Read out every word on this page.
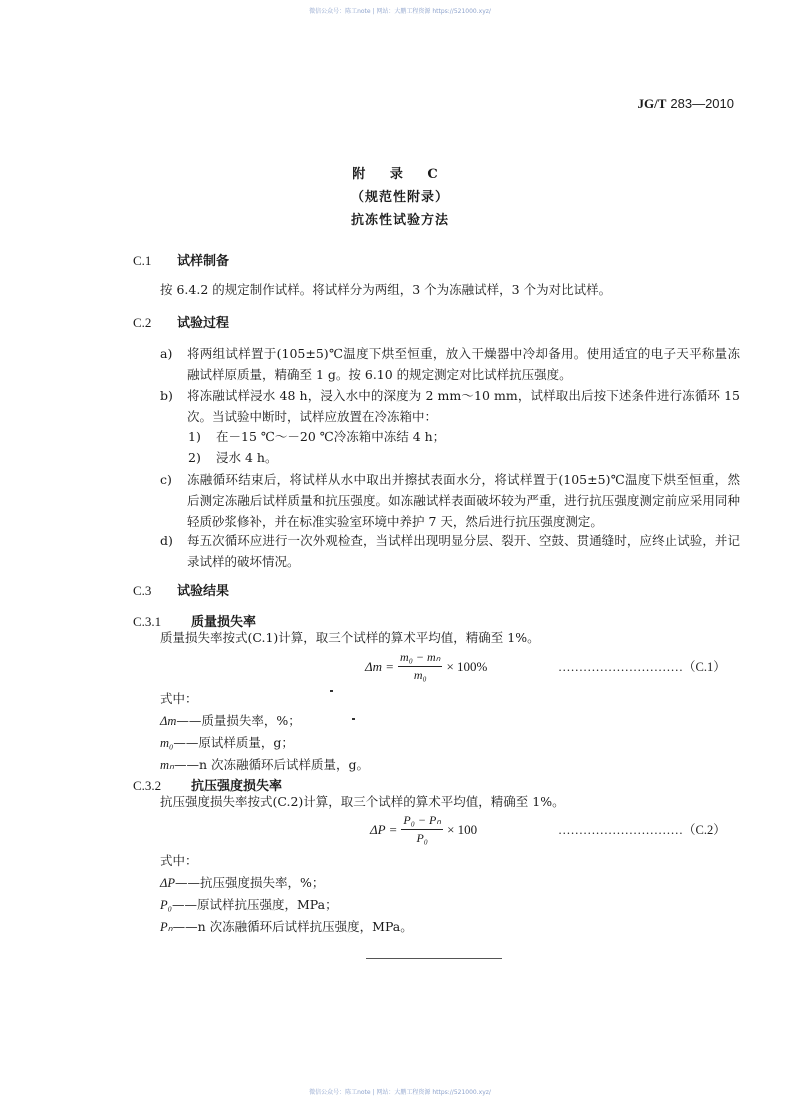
微信公众号：陈工note | 网站：大鹏工程资源 https://521000.xyz/
JG/T 283—2010
附 录 C
（规范性附录）
抗冻性试验方法
C.1 试样制备
按 6.4.2 的规定制作试样。将试样分为两组，3 个为冻融试样，3 个为对比试样。
C.2 试验过程
a) 将两组试样置于(105±5)℃温度下烘至恒重，放入干燥器中冷却备用。使用适宜的电子天平称量冻融试样原质量，精确至 1 g。按 6.10 的规定测定对比试样抗压强度。
b) 将冻融试样浸水 48 h，浸入水中的深度为 2 mm～10 mm，试样取出后按下述条件进行冻循环 15 次。当试验中断时，试样应放置在冷冻箱中：
1) 在－15 ℃～－20 ℃冷冻箱中冻结 4 h；
2) 浸水 4 h。
c) 冻融循环结束后，将试样从水中取出并擦拭表面水分，将试样置于(105±5)℃温度下烘至恒重，然后测定冻融后试样质量和抗压强度。如冻融试样表面破坏较为严重，进行抗压强度测定前应采用同种轻质砂浆修补，并在标准实验室环境中养护 7 天，然后进行抗压强度测定。
d) 每五次循环应进行一次外观检查，当试样出现明显分层、裂开、空鼓、贯通缝时，应终止试验，并记录试样的破坏情况。
C.3 试验结果
C.3.1 质量损失率
质量损失率按式(C.1)计算，取三个试样的算术平均值，精确至 1%。
$\Delta m = \frac{\text{m₀ − mₙ}}{\text{m₀}} \times 100\%$	…………………………（C.1）
式中：
Δm——质量损失率，%；
m₀——原试样质量，g；
mₙ——n 次冻融循环后试样质量，g。
C.3.2 抗压强度损失率
抗压强度损失率按式(C.2)计算，取三个试样的算术平均值，精确至 1%。
$\Delta P = \frac{\text{P₀ − Pₙ}}{\text{P₀}} \times 100$	…………………………（C.2）
式中：
ΔP——抗压强度损失率，%；
P₀——原试样抗压强度，MPa；
Pₙ——n 次冻融循环后试样抗压强度，MPa。
微信公众号：陈工note | 网站：大鹏工程资源 https://521000.xyz/
